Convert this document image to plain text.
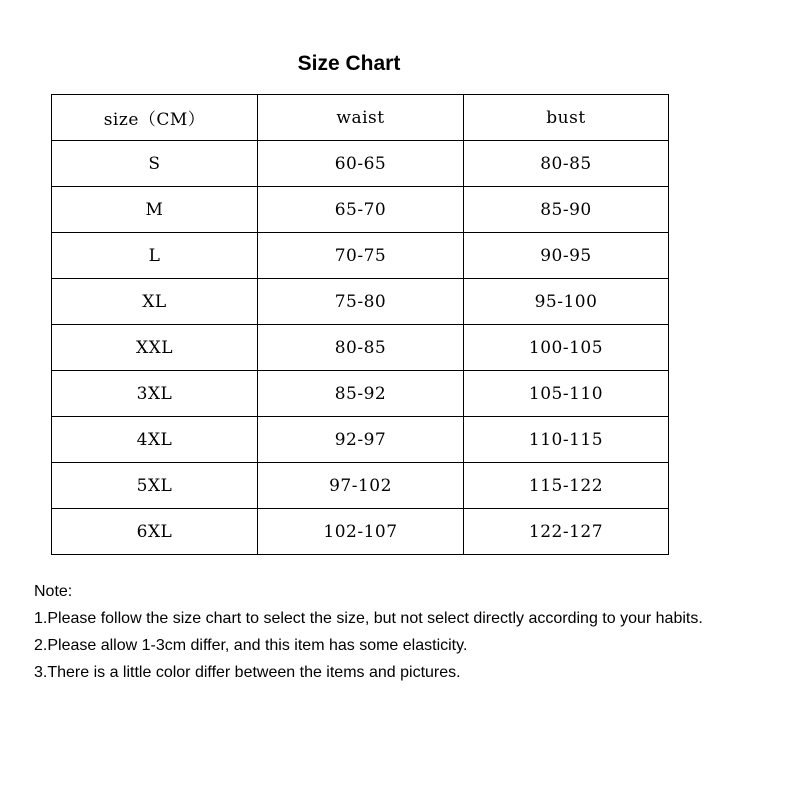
Size Chart
size（CM）	waist	bust
S	60-65	80-85
M	65-70	85-90
L	70-75	90-95
XL	75-80	95-100
XXL	80-85	100-105
3XL	85-92	105-110
4XL	92-97	110-115
5XL	97-102	115-122
6XL	102-107	122-127

Note:

1.Please follow the size chart to select the size, but not select directly according to your habits.

2.Please allow 1-3cm differ, and this item has some elasticity.

3.There is a little color differ between the items and pictures.
